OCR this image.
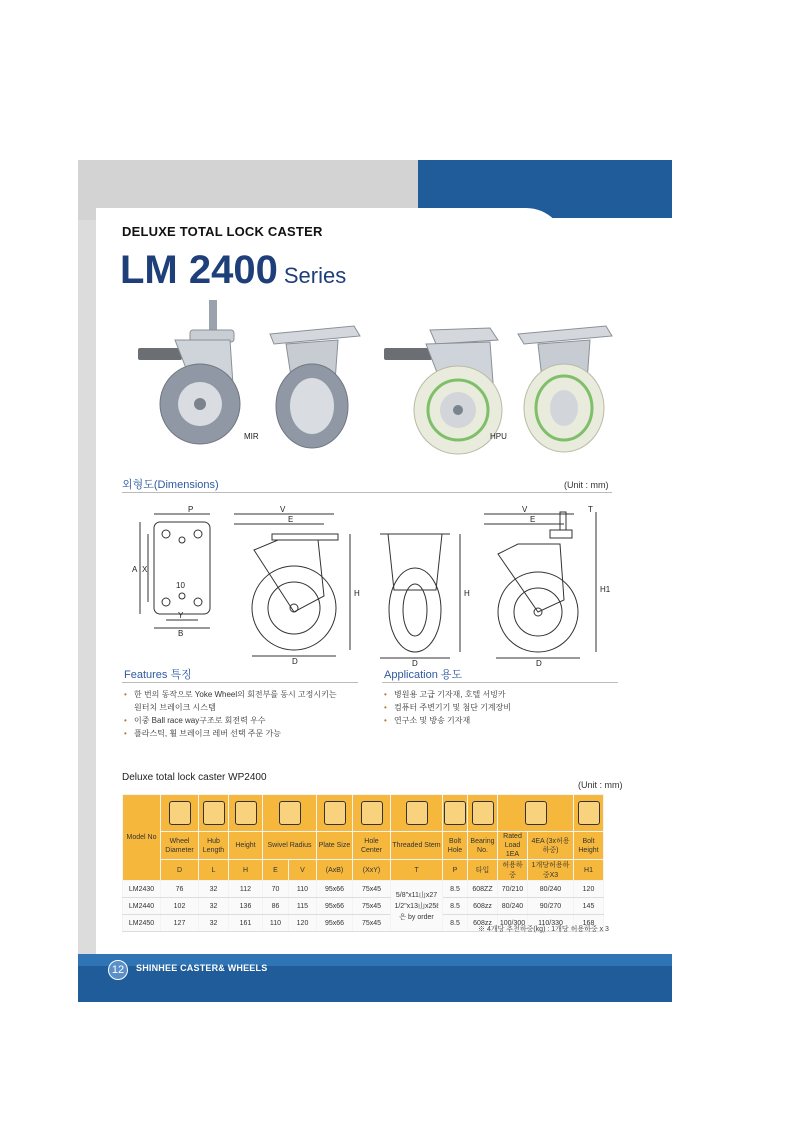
DELUXE TOTAL LOCK CASTER
LM 2400 Series
MIR	HPU
외형도(Dimensions)	(Unit : mm)
P
A X
10
Y
B
V
E
H
D
H
D
V
E
T
H1
D
Features 특징
• 한 번의 동작으로 Yoke Wheel의 회전부를 동시 고정시키는
원터치 브레이크 시스템
• 이중 Ball race way구조로 회전력 우수
• 플라스틱, 휠 브레이크 레버 선택 주문 가능
Application 용도
• 병원용 고급 기자재, 호텔 서빙카
• 컴퓨터 주변기기 및 첨단 기계장비
• 연구소 및 방송 기자재
Deluxe total lock caster WP2400
(Unit : mm)
Model No													
	Wheel Diameter	Hub Length	Height	Swivel Radius		Plate Size	Hole Center	Threaded Stem	Bolt Hole	Bearing No.	Rated Load 1EA	4EA (3x허용하중)	Bolt Height
	D	L	H	E	V	(AxB)	(XxY)	T	P	타입	허용하중	1개당허용하중X3	H1
LM2430	76	32	112	70	110	95x66	75x45	5/8"x11山x27 1/2"x13山x25ℓ 은 by order	8.5	608ZZ	70/210	80/240	120
LM2440	102	32	136	86	115	95x66	75x45		8.5	608zz	80/240	90/270	145
LM2450	127	32	161	110	120	95x66	75x45		8.5	608zz	100/300	110/330	168
※ 4개당 추천하중(kg) : 1개당 허용하중 x 3
12	SHINHEE CASTER& WHEELS
